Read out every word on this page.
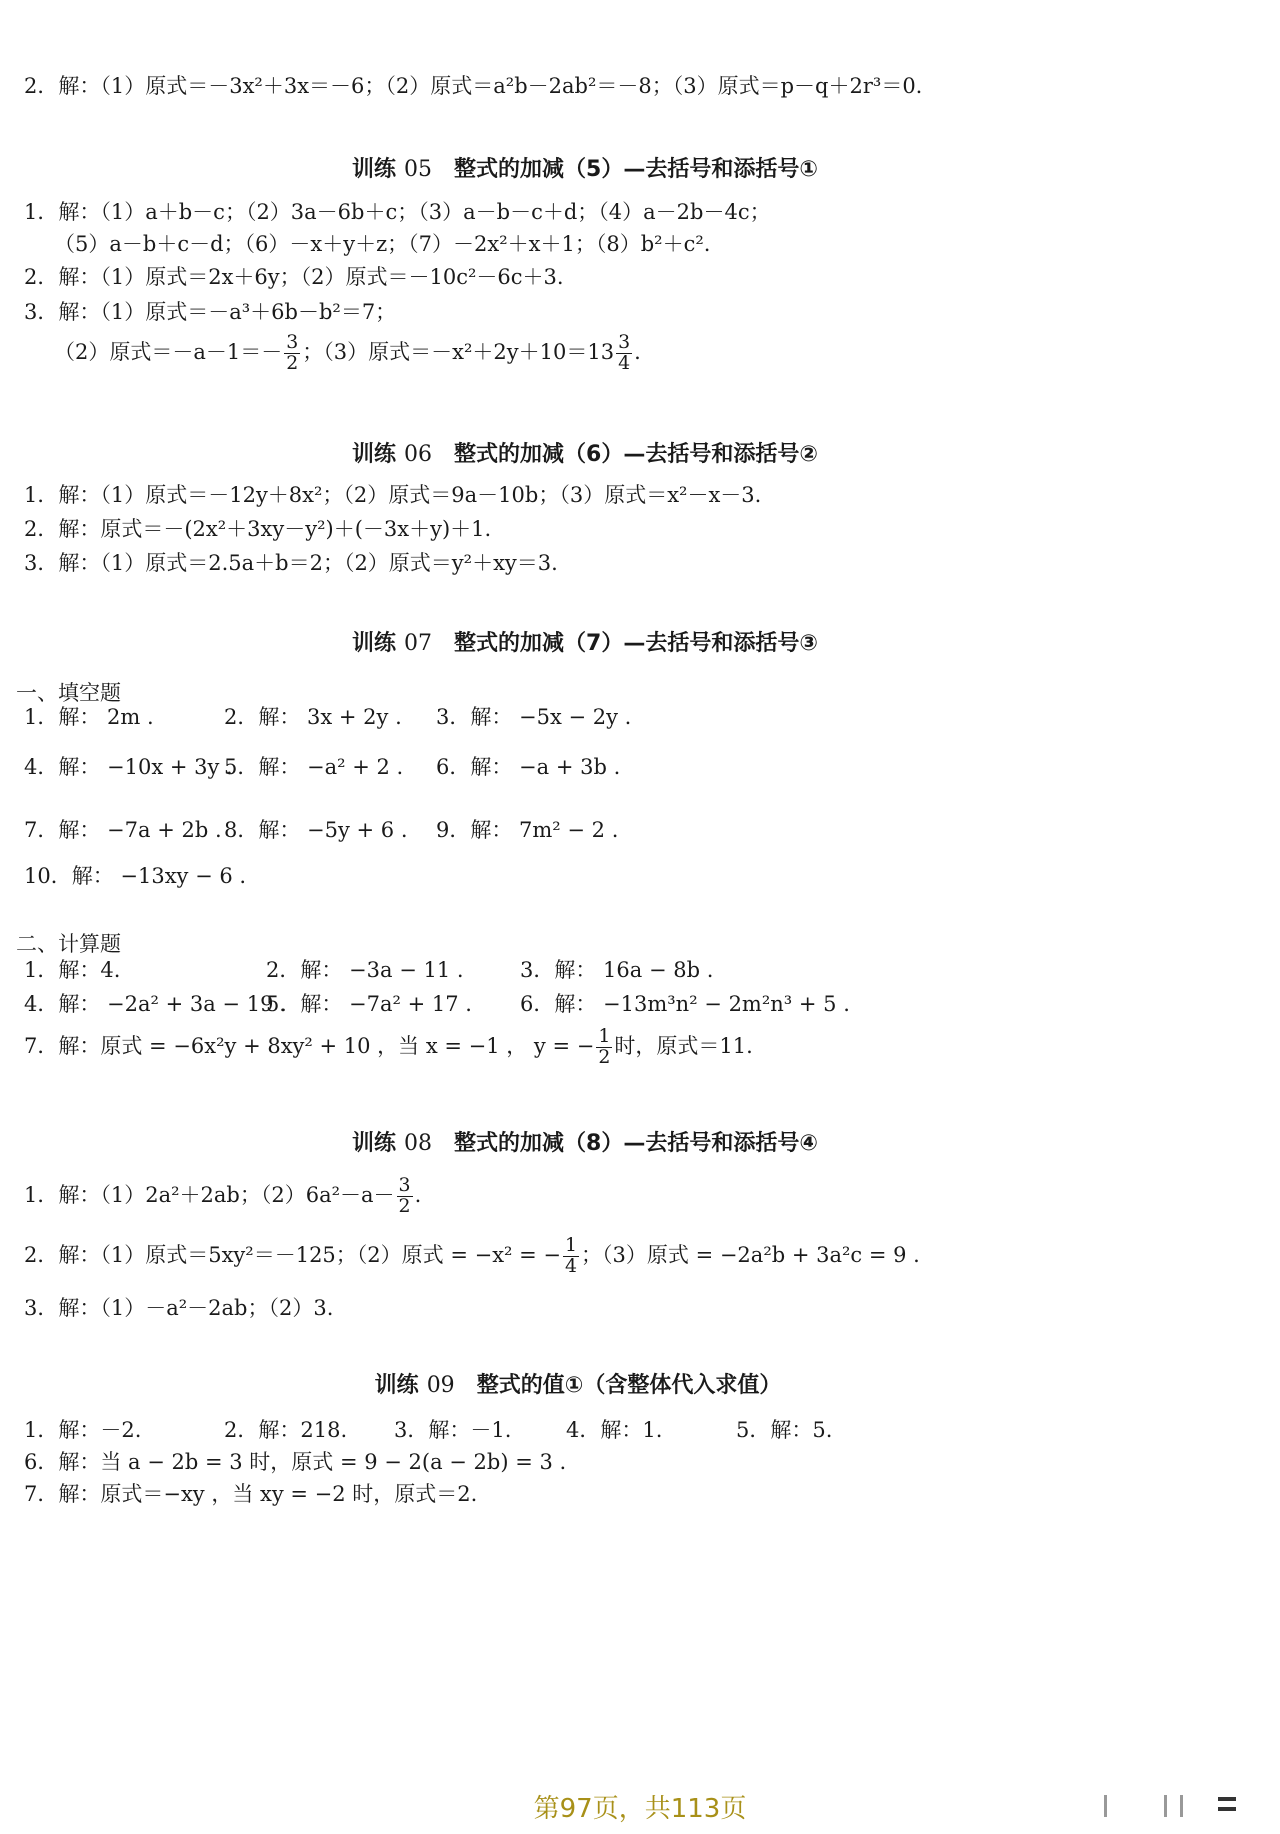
2．解：（1）原式＝－3x²＋3x＝－6；（2）原式＝a²b－2ab²＝－8；（3）原式＝p－q＋2r³＝0.
训练 05 整式的加减（5）—去括号和添括号①
1．解：（1）a＋b－c；（2）3a－6b＋c；（3）a－b－c＋d；（4）a－2b－4c；
（5）a－b＋c－d；（6）－x＋y＋z；（7）－2x²＋x＋1；（8）b²＋c².
2．解：（1）原式＝2x＋6y；（2）原式＝－10c²－6c＋3.
3．解：（1）原式＝－a³＋6b－b²＝7；
（2）原式$=-a-1=- \frac{3}{2}$ ；（3）原式$=-x^2+2y+10=13 \frac{3}{4}$ .
训练 06 整式的加减（6）—去括号和添括号②
1．解：（1）原式＝－12y＋8x²；（2）原式＝9a－10b；（3）原式＝x²－x－3.
2．解：原式＝－(2x²＋3xy－y²)＋(－3x＋y)＋1.
3．解：（1）原式＝2.5a＋b＝2；（2）原式＝y²＋xy＝3.
训练 07 整式的加减（7）—去括号和添括号③
一、填空题
1．解： 2m .	2．解： 3x + 2y . 3．解： −5x − 2y .
4．解： −10x + 3y .
5．解： −a² + 2 . 6．解： −a + 3b .
7．解： −7a + 2b . 8．解： −5y + 6 . 9．解： 7m² − 2 .
10．解： −13xy − 6 .
二、计算题
1．解：4.	2．解： −3a − 11 .	3．解： 16a − 8b .
4．解： −2a² + 3a − 19 .
5．解： −7a² + 17 . 6．解： −13m³n² − 2m²n³ + 5 .
7．解：原式 = −6x²y + 8xy² + 10 ，当 x = −1 ， y = − $\frac{1}{2}$ 时，原式＝11.
训练 08 整式的加减（8）—去括号和添括号④
1．解：（1）2a²＋2ab；$(2)6a^2-a- \frac{3}{2}$ .
2．解：（1）原式＝5xy²＝－125；（2）原式 = −x² = − $\frac{1}{4}$ ；（3）原式 = −2a²b + 3a²c = 9 .
3．解：（1）－a²－2ab；（2）3.
训练 09 整式的值①（含整体代入求值）
1．解：－2.	2．解：218. 3．解：－1.	4．解：1.	5．解：5.
6．解：当 a − 2b = 3 时，原式 = 9 − 2(a − 2b) = 3 .
7．解：原式＝−xy ，当 xy = −2 时，原式＝2.
第97页，共113页
